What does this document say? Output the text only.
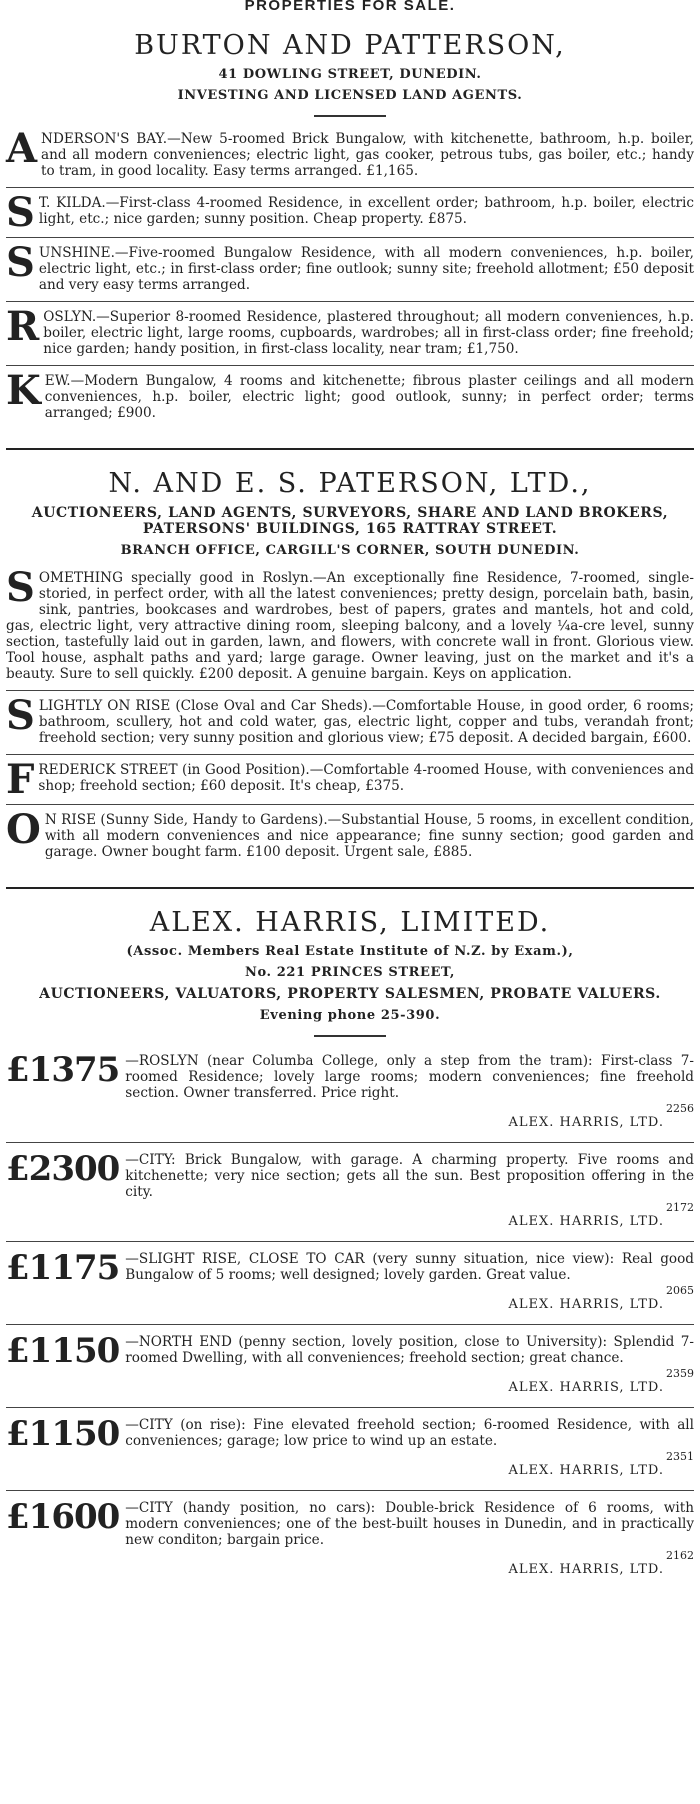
PROPERTIES FOR SALE.
BURTON AND PATTERSON,
41 DOWLING STREET, DUNEDIN.
INVESTING AND LICENSED LAND AGENTS.
ANDERSON'S BAY.—New 5-roomed Brick Bungalow, with kitchenette, bathroom, h.p. boiler, and all modern conveniences; electric light, gas cooker, petrous tubs, gas boiler, etc.; handy to tram, in good locality. Easy terms arranged. £1,165.
S T. KILDA.—First-class 4-roomed Residence, in excellent order; bathroom, h.p. boiler, electric light, etc.; nice garden; sunny position. Cheap property. £875.
SUNSHINE.—Five-roomed Bungalow Residence, with all modern conveniences, h.p. boiler, electric light, etc.; in first-class order; fine outlook; sunny site; freehold allotment; £50 deposit and very easy terms arranged.
ROSLYN.—Superior 8-roomed Residence, plastered throughout; all modern conveniences, h.p. boiler, electric light, large rooms, cupboards, wardrobes; all in first-class order; fine freehold; nice garden; handy position, in first-class locality, near tram; £1,750.
KEW.—Modern Bungalow, 4 rooms and kitchenette; fibrous plaster ceilings and all modern conveniences, h.p. boiler, electric light; good outlook, sunny; in perfect order; terms arranged; £900.
N. AND E. S. PATERSON, LTD.,
AUCTIONEERS, LAND AGENTS, SURVEYORS, SHARE AND LAND BROKERS, PATERSONS' BUILDINGS, 165 RATTRAY STREET.
BRANCH OFFICE, CARGILL'S CORNER, SOUTH DUNEDIN.
SOMETHING specially good in Roslyn.—An exceptionally fine Residence, 7-roomed, single-storied, in perfect order, with all the latest conveniences; pretty design, porcelain bath, basin, sink, pantries, bookcases and wardrobes, best of papers, grates and mantels, hot and cold, gas, electric light, very attractive dining room, sleeping balcony, and a lovely ¼a-cre level, sunny section, tastefully laid out in garden, lawn, and flowers, with concrete wall in front. Glorious view. Tool house, asphalt paths and yard; large garage. Owner leaving, just on the market and it's a beauty. Sure to sell quickly. £200 deposit. A genuine bargain. Keys on application.
SLIGHTLY ON RISE (Close Oval and Car Sheds).—Comfortable House, in good order, 6 rooms; bathroom, scullery, hot and cold water, gas, electric light, copper and tubs, verandah front; freehold section; very sunny position and glorious view; £75 deposit. A decided bargain, £600.
FREDERICK STREET (in Good Position).—Comfortable 4-roomed House, with conveniences and shop; freehold section; £60 deposit. It's cheap, £375.
O N RISE (Sunny Side, Handy to Gardens).—Substantial House, 5 rooms, in excellent condition, with all modern conveniences and nice appearance; fine sunny section; good garden and garage. Owner bought farm. £100 deposit. Urgent sale, £885.
ALEX. HARRIS, LIMITED.
(Assoc. Members Real Estate Institute of N.Z. by Exam.),
No. 221 PRINCES STREET,
AUCTIONEERS, VALUATORS, PROPERTY SALESMEN, PROBATE VALUERS.
Evening phone 25-390.
£1375 —ROSLYN (near Columba College, only a step from the tram): First-class 7-roomed Residence; lovely large rooms; modern conveniences; fine freehold section. Owner transferred. Price right.
2256
ALEX. HARRIS, LTD.
£2300 —CITY: Brick Bungalow, with garage. A charming property. Five rooms and kitchenette; very nice section; gets all the sun. Best proposition offering in the city.
2172
ALEX. HARRIS, LTD.
£1175 —SLIGHT RISE, CLOSE TO CAR (very sunny situation, nice view): Real good Bungalow of 5 rooms; well designed; lovely garden. Great value.
2065
ALEX. HARRIS, LTD.
£1150 —NORTH END (penny section, lovely position, close to University): Splendid 7-roomed Dwelling, with all conveniences; freehold section; great chance.
2359
ALEX. HARRIS, LTD.
£1150 —CITY (on rise): Fine elevated freehold section; 6-roomed Residence, with all conveniences; garage; low price to wind up an estate.
2351
ALEX. HARRIS, LTD.
£1600 —CITY (handy position, no cars): Double-brick Residence of 6 rooms, with modern conveniences; one of the best-built houses in Dunedin, and in practically new conditon; bargain price.
2162
ALEX. HARRIS, LTD.
